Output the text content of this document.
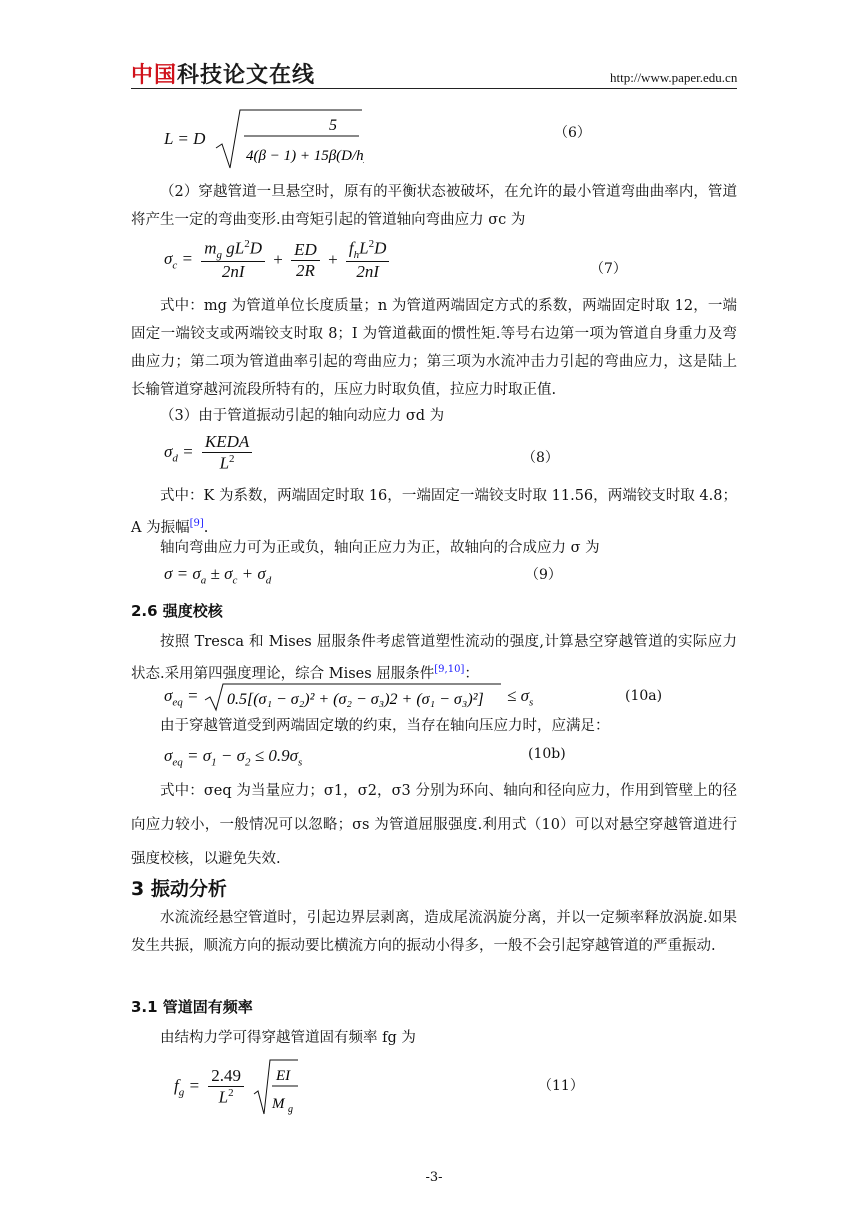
中国科技论文在线	http://www.paper.edu.cn
L = D
5
4(β − 1) + 15β(D/h)²
（6）
（2）穿越管道一旦悬空时，原有的平衡状态被破坏，在允许的最小管道弯曲曲率内，管道将产生一定的弯曲变形.由弯矩引起的管道轴向弯曲应力 σc 为
$\sigma_c = \frac{m_g gL^2D}{2nI} + \frac{ED}{2R} + \frac{f_hL^2D}{2nI}$	（7）
式中：mg 为管道单位长度质量；n 为管道两端固定方式的系数，两端固定时取 12，一端固定一端铰支或两端铰支时取 8；I 为管道截面的惯性矩.等号右边第一项为管道自身重力及弯曲应力；第二项为管道曲率引起的弯曲应力；第三项为水流冲击力引起的弯曲应力，这是陆上长输管道穿越河流段所特有的，压应力时取负值，拉应力时取正值.
（3）由于管道振动引起的轴向动应力 σd 为
$\sigma_d = \frac{\text{KEDA}}{L^2}$	（8）
式中：K 为系数，两端固定时取 16，一端固定一端铰支时取 11.56，两端铰支时取 4.8；A 为振幅[9].
轴向弯曲应力可为正或负，轴向正应力为正，故轴向的合成应力 σ 为
$\sigma = \sigma_a \pm \sigma_c + \sigma_d$	（9）
2.6 强度校核
按照 Tresca 和 Mises 屈服条件考虑管道塑性流动的强度,计算悬空穿越管道的实际应力状态.采用第四强度理论，综合 Mises 屈服条件[9,10]：
$\sigma_{eq} = 0.5[(\sigma_1 - \sigma_2)^2 + (\sigma_2 - \sigma_3)2 + (\sigma_1 - \sigma_3)^2] \le \sigma_s$	(10a)
由于穿越管道受到两端固定墩的约束，当存在轴向压应力时，应满足：
$\sigma_{eq} = \sigma_1 - \sigma_2 \le 0.9\sigma_s$
(10b)
式中：σeq 为当量应力；σ1，σ2，σ3 分别为环向、轴向和径向应力，作用到管壁上的径向应力较小，一般情况可以忽略；σs 为管道屈服强度.利用式（10）可以对悬空穿越管道进行强度校核，以避免失效.
3 振动分析
水流流经悬空管道时，引起边界层剥离，造成尾流涡旋分离，并以一定频率释放涡旋.如果发生共振，顺流方向的振动要比横流方向的振动小得多，一般不会引起穿越管道的严重振动.
3.1 管道固有频率
由结构力学可得穿越管道固有频率 fg 为
$f_g = \frac{2.49}{L^2}$
EI
M g
（11）
-3-
